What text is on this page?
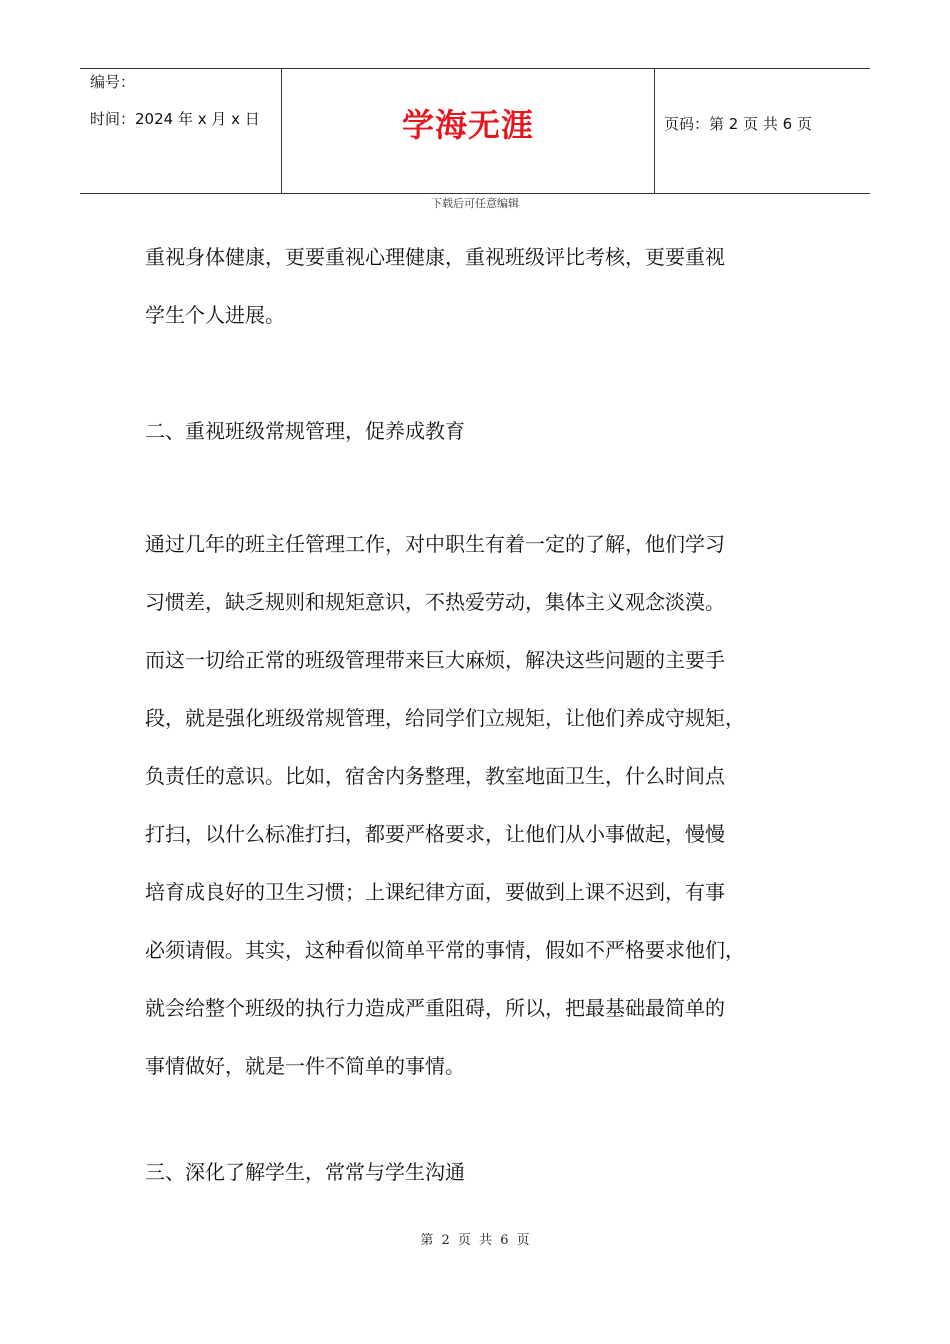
编号：
时间：2024 年 x 月 x 日	学海无涯	页码：第 2 页 共 6 页
下载后可任意编辑
重视身体健康，更要重视心理健康，重视班级评比考核，更要重视
学生个人进展。
二、重视班级常规管理，促养成教育
通过几年的班主任管理工作，对中职生有着一定的了解，他们学习
习惯差，缺乏规则和规矩意识，不热爱劳动，集体主义观念淡漠。
而这一切给正常的班级管理带来巨大麻烦，解决这些问题的主要手
段，就是强化班级常规管理，给同学们立规矩，让他们养成守规矩，
负责任的意识。比如，宿舍内务整理，教室地面卫生，什么时间点
打扫，以什么标准打扫，都要严格要求，让他们从小事做起，慢慢
培育成良好的卫生习惯；上课纪律方面，要做到上课不迟到，有事
必须请假。其实，这种看似简单平常的事情，假如不严格要求他们，
就会给整个班级的执行力造成严重阻碍，所以，把最基础最简单的
事情做好，就是一件不简单的事情。
三、深化了解学生，常常与学生沟通
第 2 页 共 6 页
